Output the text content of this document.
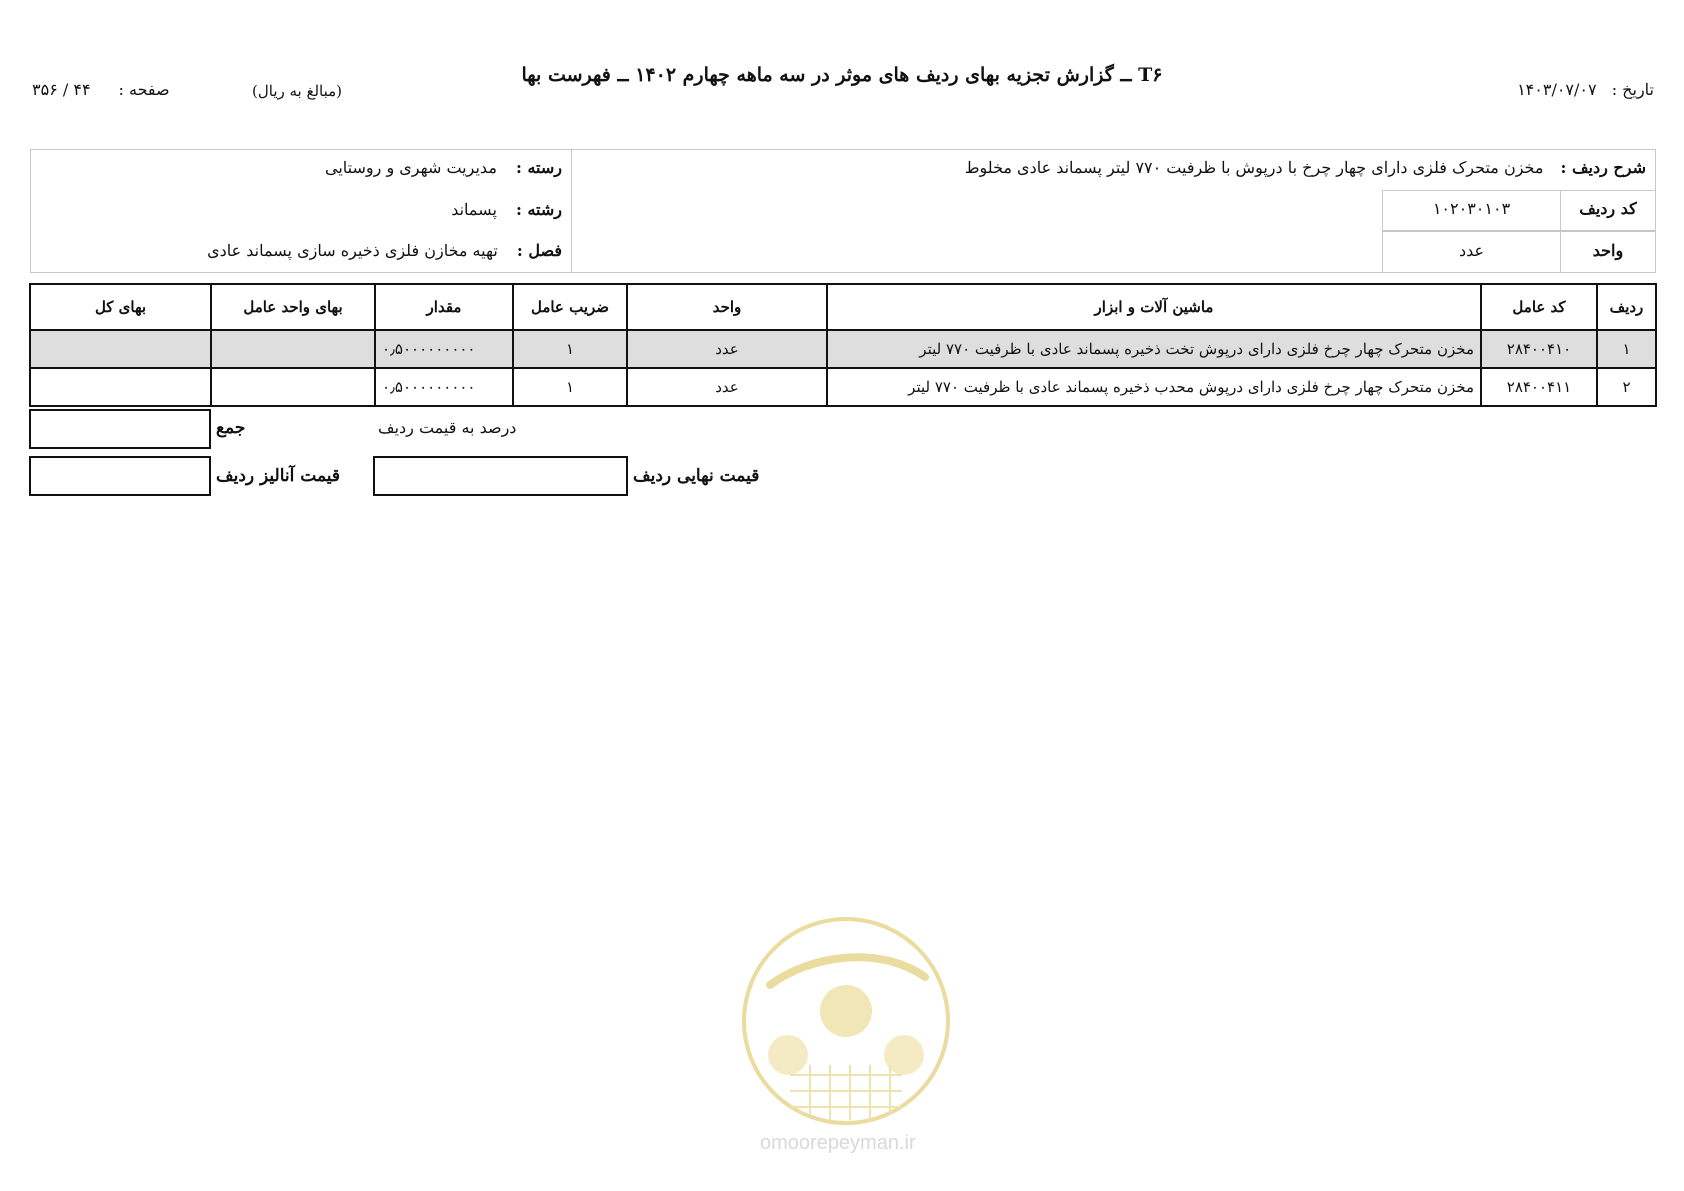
T۶ ــ گزارش تجزیه بهای ردیف های موثر در سه ماهه چهارم ۱۴۰۲ ــ فهرست بها
تاریخ : ۱۴۰۳/۰۷/۰۷
صفحه :
۴۴ / ۳۵۶	(مبالغ به ریال)
شرح ردیف : مخزن متحرک فلزی دارای چهار چرخ با درپوش با ظرفیت ۷۷۰ لیتر پسماند عادی مخلوط
کد ردیف
۱۰۲۰۳۰۱۰۳
واحد
عدد
رسته : مدیریت شهری و روستایی
رشته : پسماند
فصل : تهیه مخازن فلزی ذخیره سازی پسماند عادی
ردیف	کد عامل	ماشین آلات و ابزار	واحد	ضریب عامل	مقدار	بهای واحد عامل	بهای کل
۱	۲۸۴۰۰۴۱۰	مخزن متحرک چهار چرخ فلزی دارای درپوش تخت ذخیره پسماند عادی با ظرفیت ۷۷۰ لیتر	عدد	۱	۰٫۵۰۰۰۰۰۰۰۰۰		
۲	۲۸۴۰۰۴۱۱	مخزن متحرک چهار چرخ فلزی دارای درپوش محدب ذخیره پسماند عادی با ظرفیت ۷۷۰ لیتر	عدد	۱	۰٫۵۰۰۰۰۰۰۰۰۰		
جمع	درصد به قیمت ردیف
قیمت آنالیز ردیف	قیمت نهایی ردیف
omoorepeyman.ir
